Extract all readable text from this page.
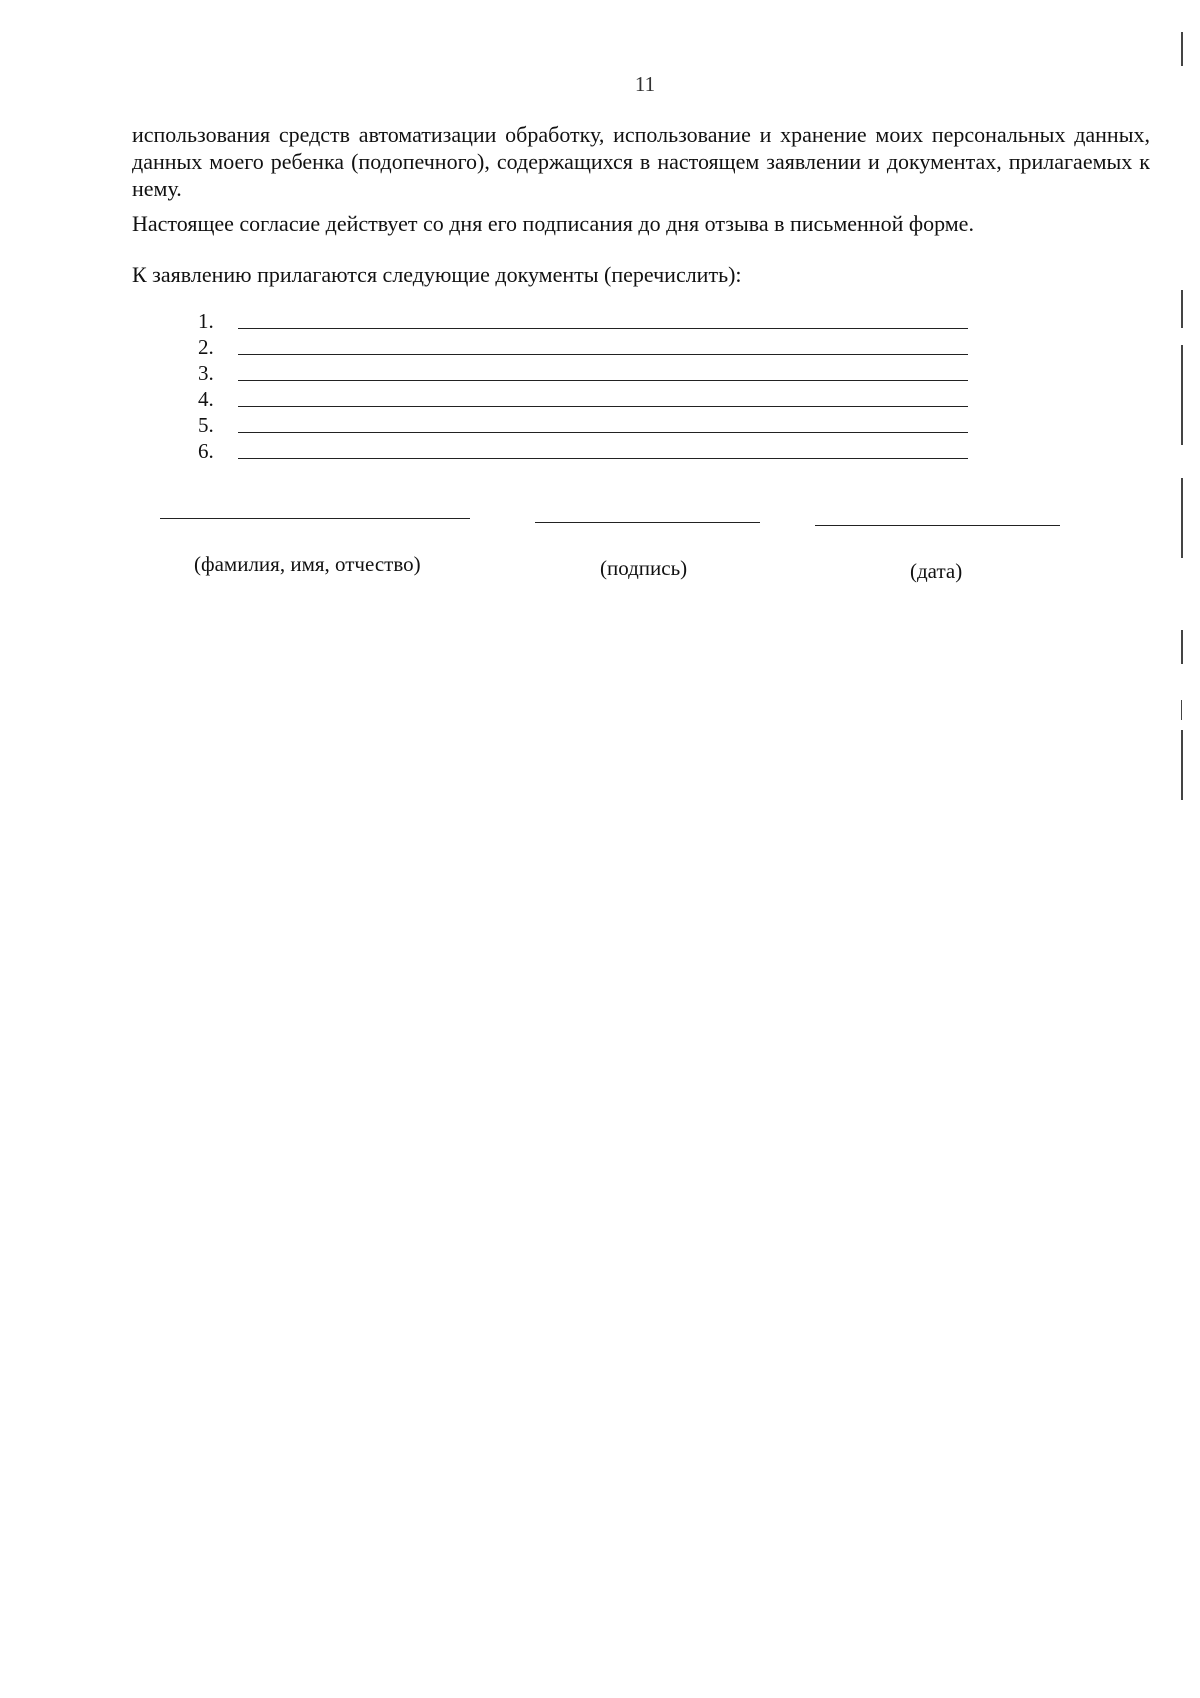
11
использования средств автоматизации обработку, использование и хранение моих персональных данных, данных моего ребенка (подопечного), содержащихся в настоящем заявлении и документах, прилагаемых к нему.
Настоящее согласие действует со дня его подписания до дня отзыва в письменной форме.
К заявлению прилагаются следующие документы (перечислить):
1.
2.
3.
4.
5.
6.
(фамилия, имя, отчество)	(подпись)	(дата)
